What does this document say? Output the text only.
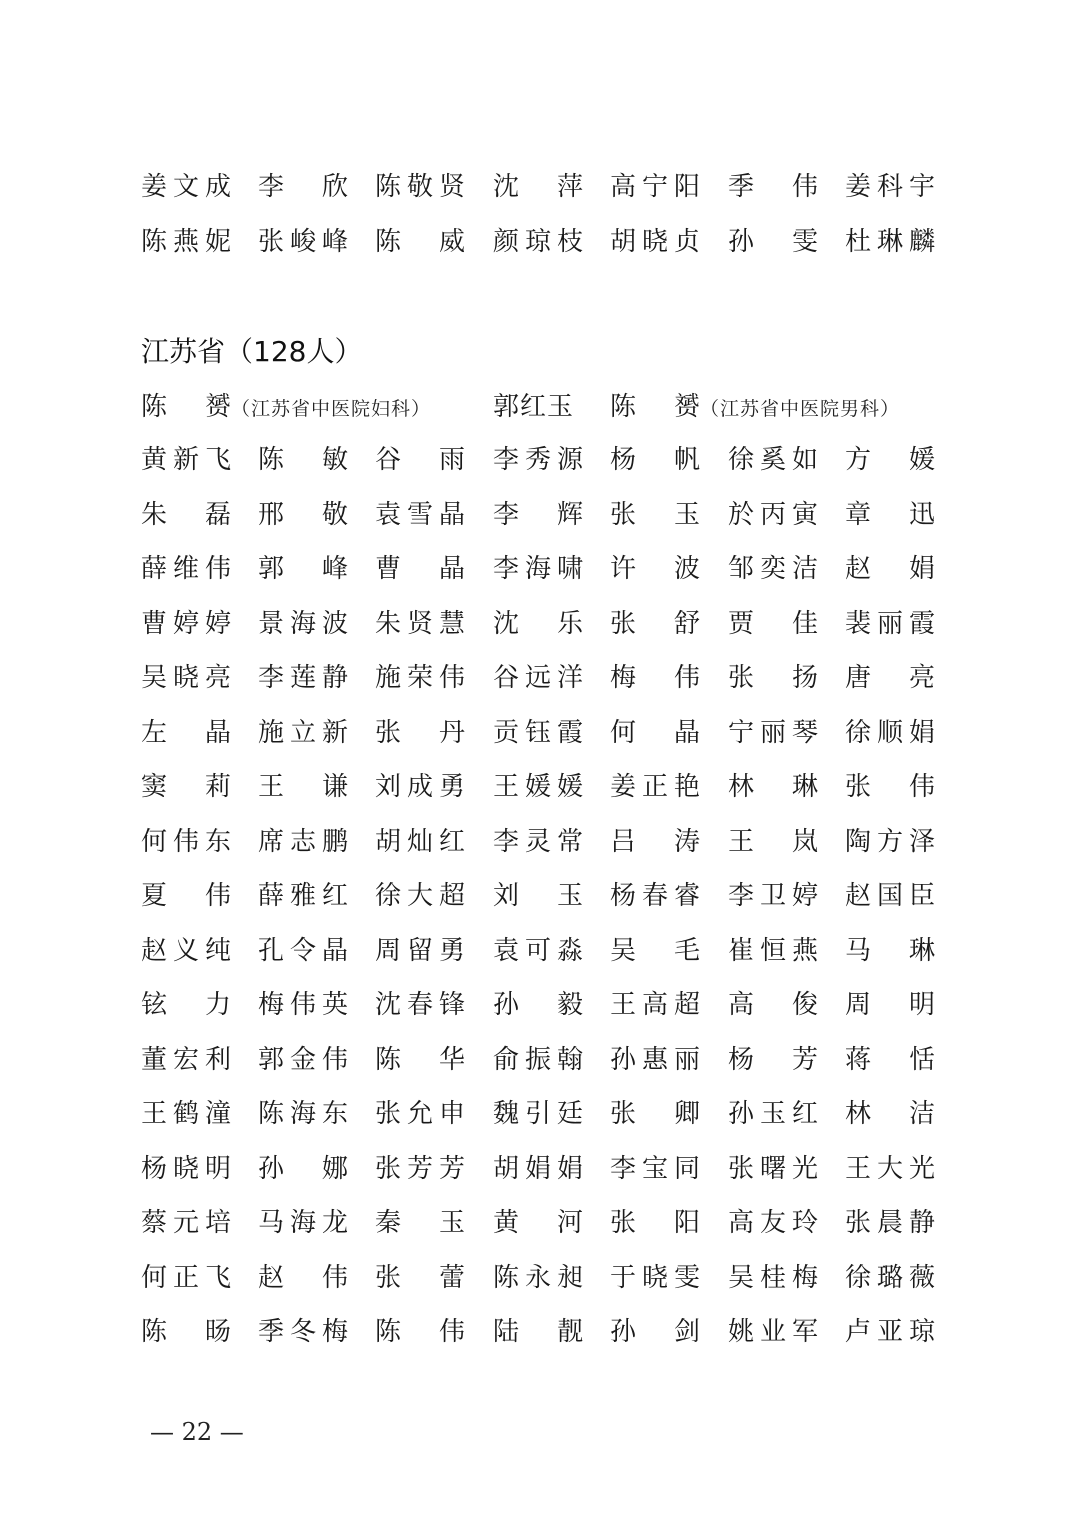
姜 文 成 李 欣 陈 敬 贤 沈 萍 高 宁 阳 季 伟 姜 科 宇
陈 燕 妮 张 峻 峰 陈 威 颜 琼 枝 胡 晓 贞 孙 雯 杜 琳 麟
江苏省（128人）
陈 赟 （江苏省中医院妇科） 郭红玉 陈 赟 （江苏省中医院男科）
黄 新 飞 陈 敏 谷 雨 李 秀 源 杨 帆 徐 奚 如 方 媛
朱 磊 邢 敬 袁 雪 晶 李 辉 张 玉 於 丙 寅 章 迅
薛 维 伟 郭 峰 曹 晶 李 海 啸 许 波 邹 奕 洁 赵 娟
曹 婷 婷 景 海 波 朱 贤 慧 沈 乐 张 舒 贾 佳 裴 丽 霞
吴 晓 亮 李 莲 静 施 荣 伟 谷 远 洋 梅 伟 张 扬 唐 亮
左 晶 施 立 新 张 丹 贡 钰 霞 何 晶 宁 丽 琴 徐 顺 娟
窦 莉 王 谦 刘 成 勇 王 媛 媛 姜 正 艳 林 琳 张 伟
何 伟 东 席 志 鹏 胡 灿 红 李 灵 常 吕 涛 王 岚 陶 方 泽
夏 伟 薛 雅 红 徐 大 超 刘 玉 杨 春 睿 李 卫 婷 赵 国 臣
赵 义 纯 孔 令 晶 周 留 勇 袁 可 淼 吴 毛 崔 恒 燕 马 琳
铉 力 梅 伟 英 沈 春 锋 孙 毅 王 高 超 高 俊 周 明
董 宏 利 郭 金 伟 陈 华 俞 振 翰 孙 惠 丽 杨 芳 蒋 恬
王 鹤 潼 陈 海 东 张 允 申 魏 引 廷 张 卿 孙 玉 红 林 洁
杨 晓 明 孙 娜 张 芳 芳 胡 娟 娟 李 宝 同 张 曙 光 王 大 光
蔡 元 培 马 海 龙 秦 玉 黄 河 张 阳 高 友 玲 张 晨 静
何 正 飞 赵 伟 张 蕾 陈 永 昶 于 晓 雯 吴 桂 梅 徐 璐 薇
陈 旸 季 冬 梅 陈 伟 陆 靓 孙 剑 姚 业 军 卢 亚 琼
— 22 —
